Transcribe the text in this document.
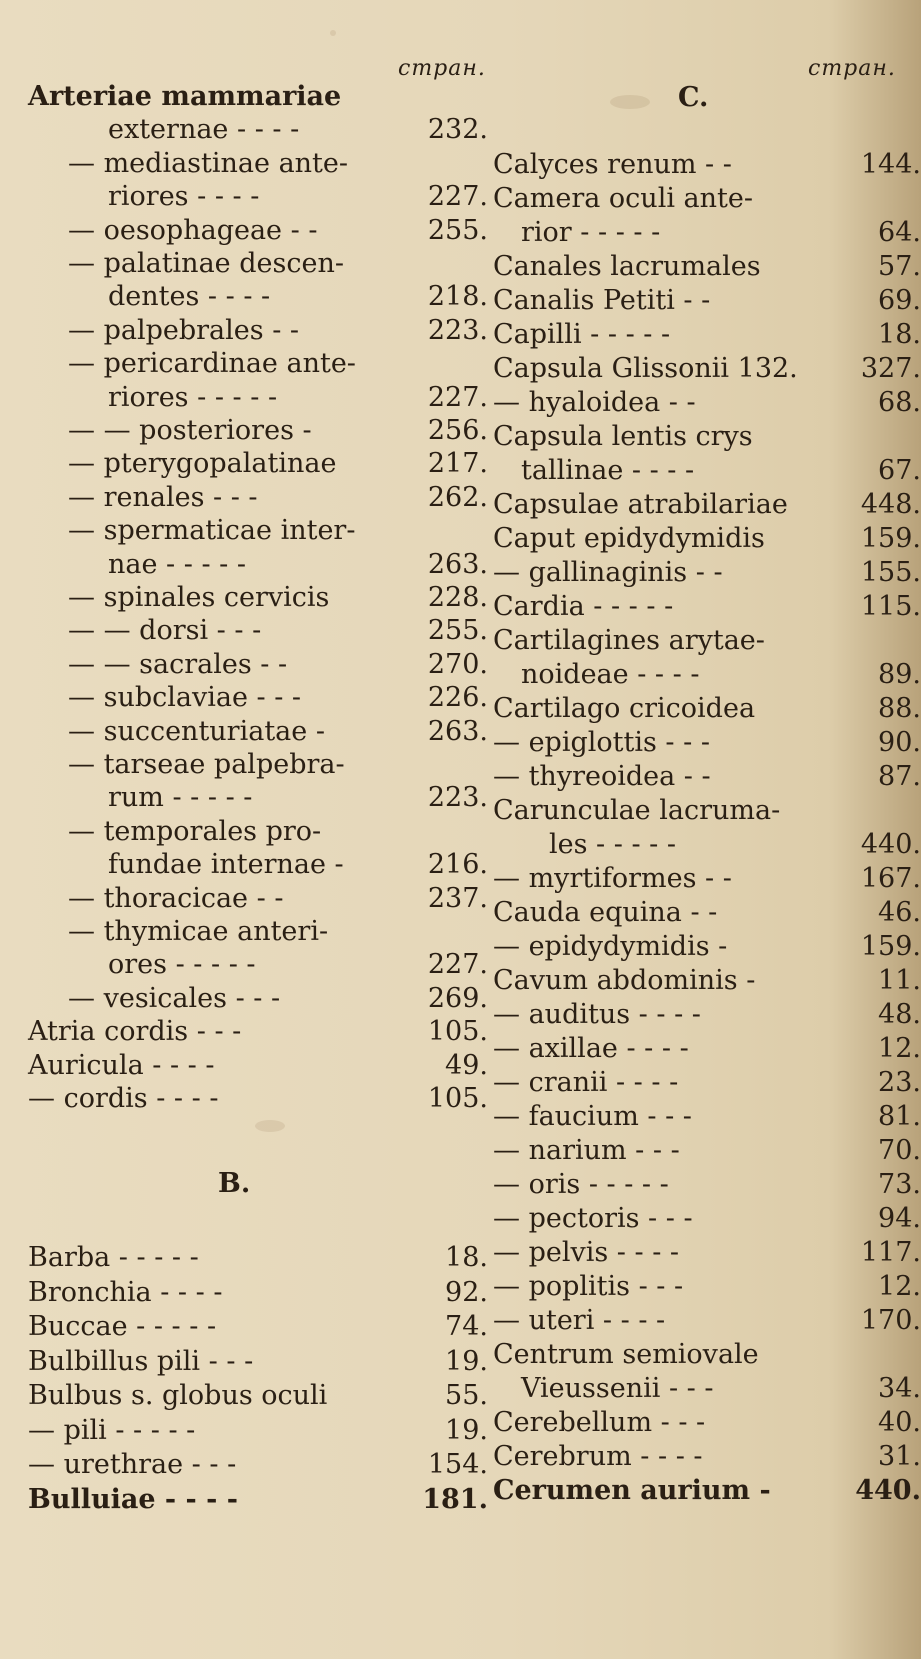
стран.
Arteriae mammariae
externae - - - -	232.
— mediastinae ante-
riores - - - -	227.
— oesophageae - -	255.
— palatinae descen-
dentes - - - -	218.
— palpebrales - -	223.
— pericardinae ante-
riores - - - - -	227.
— — posteriores -	256.
— pterygopalatinae	217.
— renales - - -	262.
— spermaticae inter-
nae - - - - -	263.
— spinales cervicis	228.
— — dorsi - - -	255.
— — sacrales - -	270.
— subclaviae - - -	226.
— succenturiatae -	263.
— tarseae palpebra-
rum - - - - -	223.
— temporales pro-
fundae internae -	216.
— thoracicae - -	237.
— thymicae anteri-
ores - - - - -	227.
— vesicales - - -	269.
Atria cordis - - -	105.
Auricula - - - -	49.
— cordis - - - -	105.
B.
Barba - - - - -	18.
Bronchia - - - -	92.
Buccae - - - - -	74.
Bulbillus pili - - -	19.
Bulbus s. globus oculi	55.
— pili - - - - -	19.
— urethrae - - -	154.
Bulluiae - - - -	181.
стран.
C.
Calyces renum - -	144.
Camera oculi ante-
rior - - - - -	64.
Canales lacrumales	57.
Canalis Petiti - -	69.
Capilli - - - - -	18.
Capsula Glissonii 132. 327.
— hyaloidea - -	68.
Capsula lentis crys
tallinae - - - -	67.
Capsulae atrabilariae	448.
Caput epidydymidis	159.
— gallinaginis - -	155.
Cardia - - - - -	115.
Cartilagines arytae-
noideae - - - -	89.
Cartilago cricoidea	88.
— epiglottis - - -	90.
— thyreoidea - -	87.
Carunculae lacruma-
les - - - - -	440.
— myrtiformes - -	167.
Cauda equina - -	46.
— epidydymidis -	159.
Cavum abdominis -	11.
— auditus - - - -	48.
— axillae - - - -	12.
— cranii - - - -	23.
— faucium - - -	81.
— narium - - -	70.
— oris - - - - -	73.
— pectoris - - -	94.
— pelvis - - - -	117.
— poplitis - - -	12.
— uteri - - - -	170.
Centrum semiovale
Vieussenii - - -	34.
Cerebellum - - -	40.
Cerebrum - - - -	31.
Cerumen aurium -	440.
